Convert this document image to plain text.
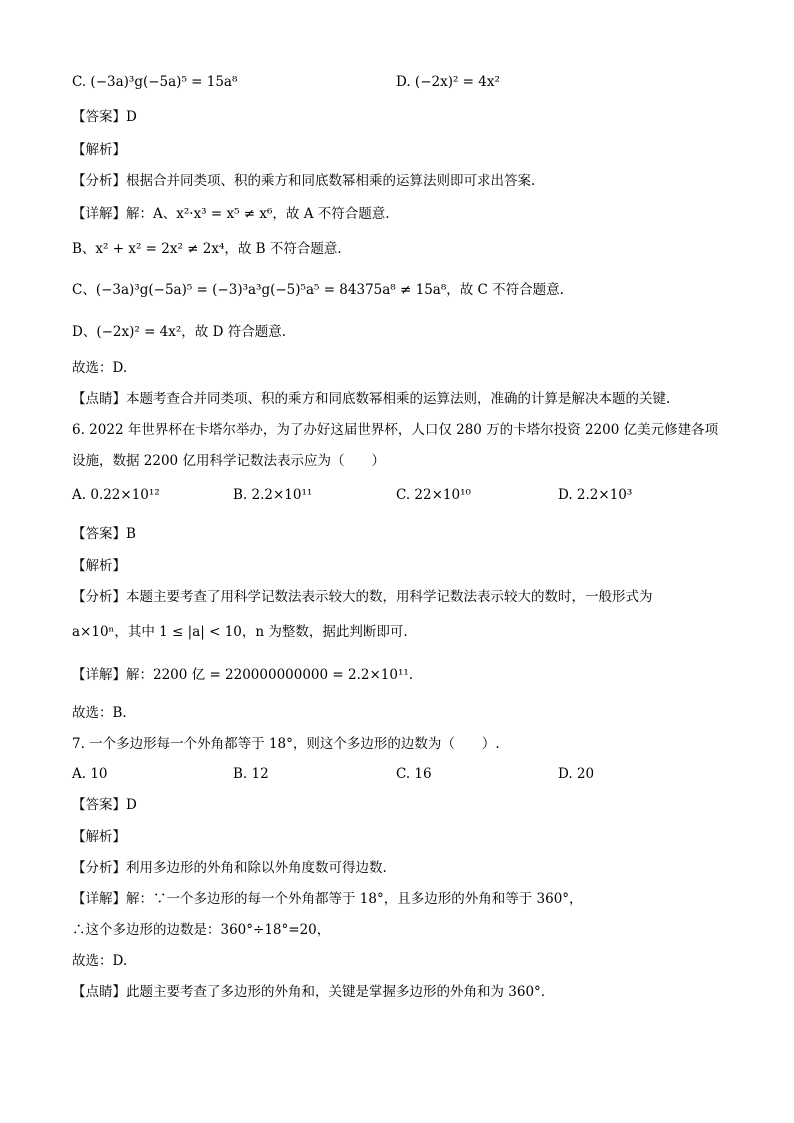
C. (−3a)³g(−5a)⁵ = 15a⁸	D. (−2x)² = 4x²
【答案】D
【解析】
【分析】根据合并同类项、积的乘方和同底数幂相乘的运算法则即可求出答案.
【详解】解：A、x²·x³ = x⁵ ≠ x⁶，故 A 不符合题意.
B、x² + x² = 2x² ≠ 2x⁴，故 B 不符合题意.
C、(−3a)³g(−5a)⁵ = (−3)³a³g(−5)⁵a⁵ = 84375a⁸ ≠ 15a⁸，故 C 不符合题意.
D、(−2x)² = 4x²，故 D 符合题意.
故选：D.
【点睛】本题考查合并同类项、积的乘方和同底数幂相乘的运算法则，准确的计算是解决本题的关键.
6. 2022 年世界杯在卡塔尔举办，为了办好这届世界杯，人口仅 280 万的卡塔尔投资 2200 亿美元修建各项
设施，数据 2200 亿用科学记数法表示应为（　　）
A. 0.22×10¹²	B. 2.2×10¹¹	C. 22×10¹⁰	D. 2.2×10³
【答案】B
【解析】
【分析】本题主要考查了用科学记数法表示较大的数，用科学记数法表示较大的数时，一般形式为
a×10ⁿ，其中 1 ≤ |a| < 10，n 为整数，据此判断即可.
【详解】解：2200 亿 = 220000000000 = 2.2×10¹¹.
故选：B.
7. 一个多边形每一个外角都等于 18°，则这个多边形的边数为（　　）.
A. 10	B. 12	C. 16	D. 20
【答案】D
【解析】
【分析】利用多边形的外角和除以外角度数可得边数.
【详解】解：∵一个多边形的每一个外角都等于 18°，且多边形的外角和等于 360°，
∴这个多边形的边数是：360°÷18°=20，
故选：D.
【点睛】此题主要考查了多边形的外角和，关键是掌握多边形的外角和为 360°.
